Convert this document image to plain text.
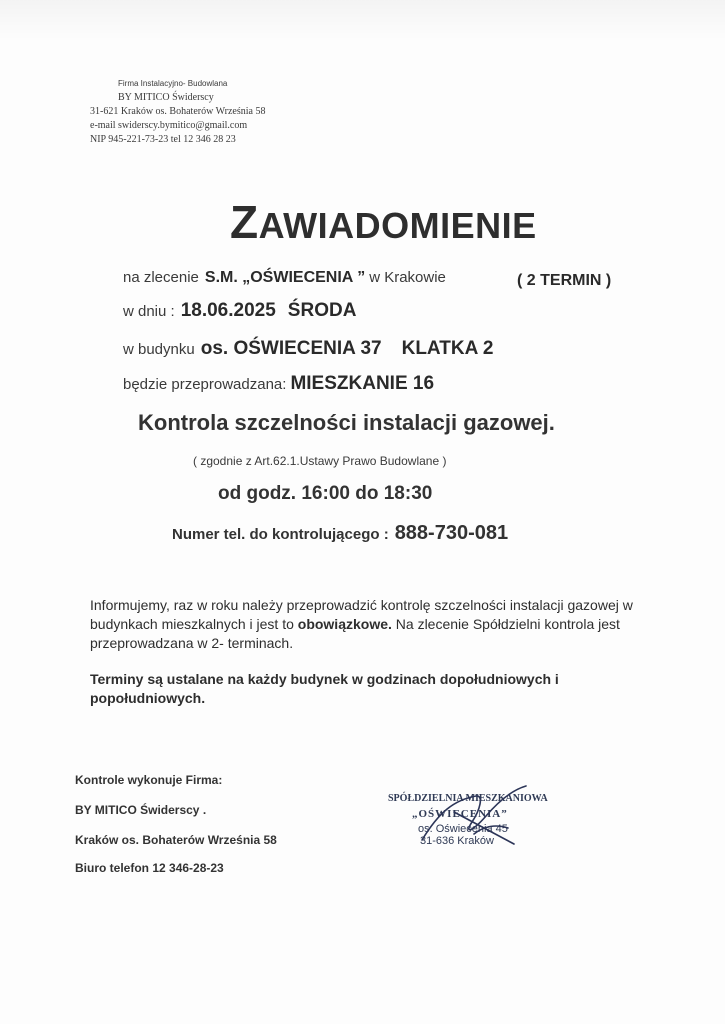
Firma Instalacyjno- Budowlana
BY MITICO Świderscy
31-621 Kraków os. Bohaterów Września 58
e-mail swiderscy.bymitico@gmail.com
NIP 945-221-73-23 tel 12 346 28 23
ZAWIADOMIENIE
na zlecenie S.M. „OŚWIECENIA ” w Krakowie	( 2 TERMIN )
w dniu : 18.06.2025 ŚRODA
w budynku os. OŚWIECENIA 37 KLATKA 2
będzie przeprowadzana: MIESZKANIE 16
Kontrola szczelności instalacji gazowej.
( zgodnie z Art.62.1.Ustawy Prawo Budowlane )
od godz. 16:00 do 18:30
Numer tel. do kontrolującego : 888-730-081
Informujemy, raz w roku należy przeprowadzić kontrolę szczelności instalacji gazowej w budynkach mieszkalnych i jest to obowiązkowe. Na zlecenie Spółdzielni kontrola jest przeprowadzana w 2- terminach.
Terminy są ustalane na każdy budynek w godzinach dopołudniowych i popołudniowych.
Kontrole wykonuje Firma:
BY MITICO Świderscy .
Kraków os. Bohaterów Września 58
Biuro telefon 12 346-28-23
SPÓŁDZIELNIA MIESZKANIOWA
„OŚWIECENIA”
os. Oświecenia 45
31-636 Kraków
